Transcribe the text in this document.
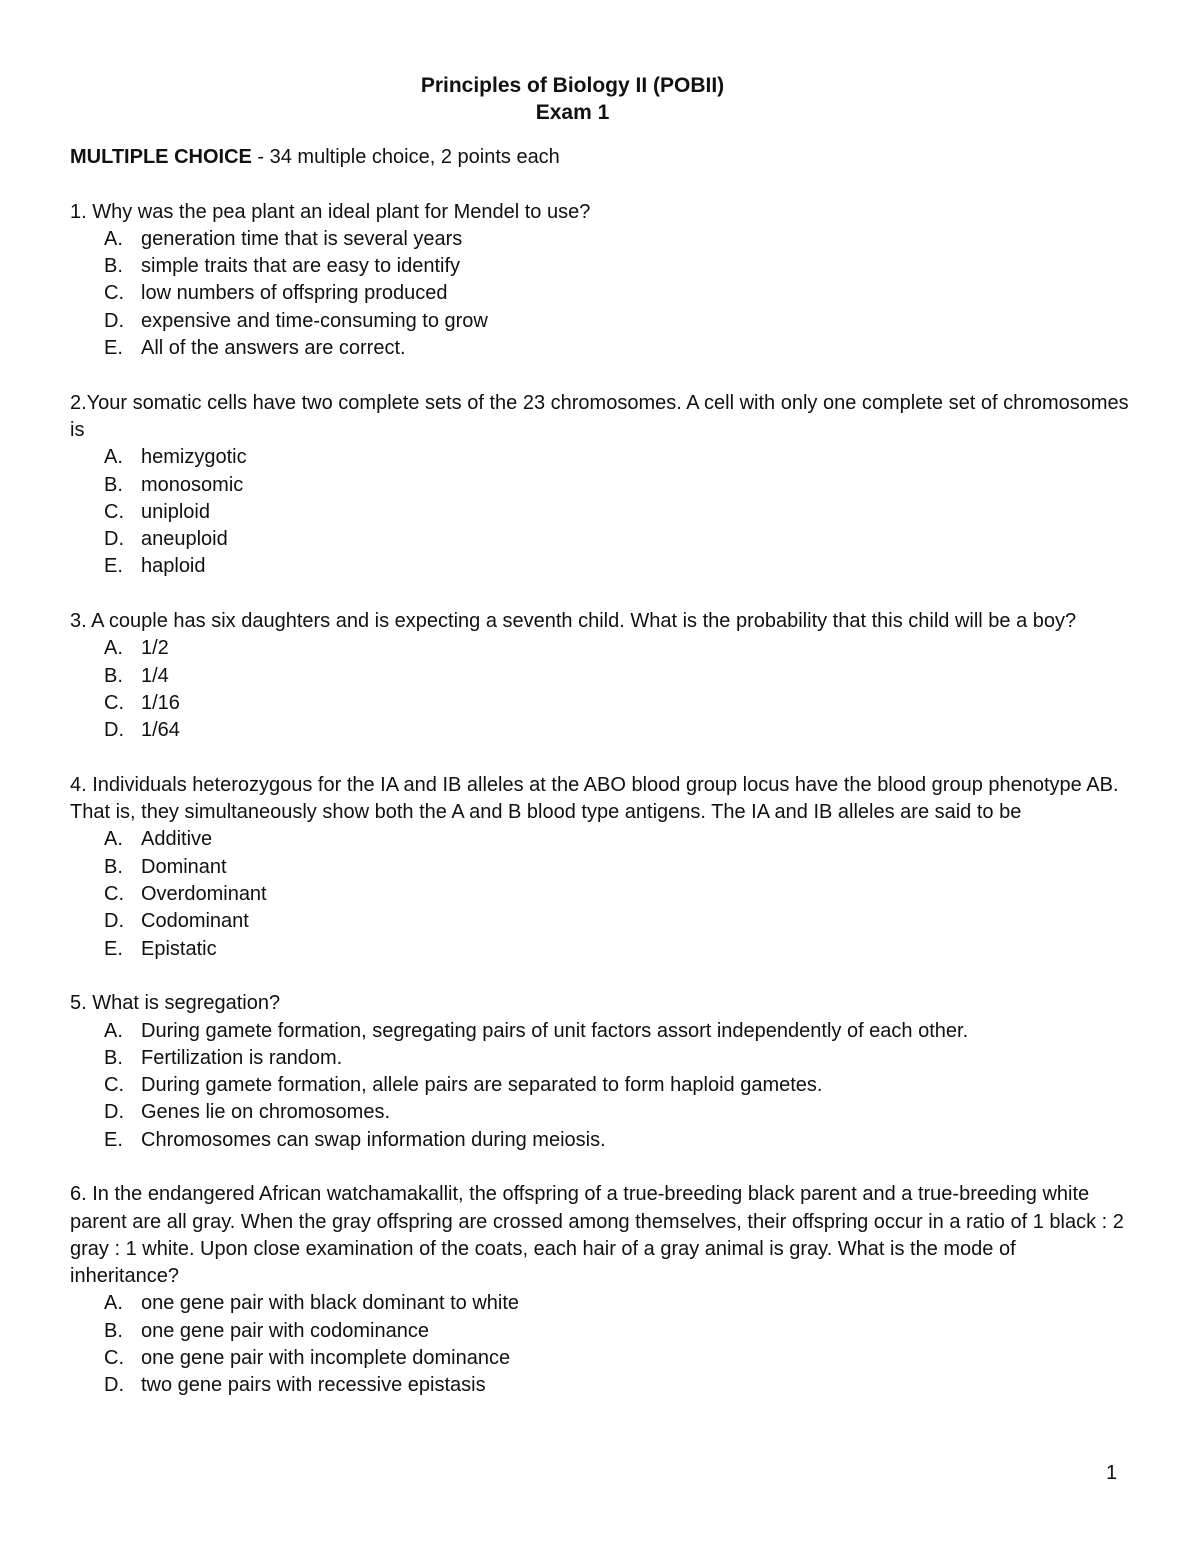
Principles of Biology II (POBII)
Exam 1

MULTIPLE CHOICE - 34 multiple choice, 2 points each

1. Why was the pea plant an ideal plant for Mendel to use?

A. generation time that is several years
B. simple traits that are easy to identify
C. low numbers of offspring produced
D. expensive and time-consuming to grow
E. All of the answers are correct.

2.Your somatic cells have two complete sets of the 23 chromosomes. A cell with only one complete set of chromosomes is

A. hemizygotic
B. monosomic
C. uniploid
D. aneuploid
E. haploid

3. A couple has six daughters and is expecting a seventh child. What is the probability that this child will be a boy?

A. 1/2
B. 1/4
C. 1/16
D. 1/64

4. Individuals heterozygous for the IA and IB alleles at the ABO blood group locus have the blood group phenotype AB. That is, they simultaneously show both the A and B blood type antigens. The IA and IB alleles are said to be

A. Additive
B. Dominant
C. Overdominant
D. Codominant
E. Epistatic

5. What is segregation?

A. During gamete formation, segregating pairs of unit factors assort independently of each other.
B. Fertilization is random.
C. During gamete formation, allele pairs are separated to form haploid gametes.
D. Genes lie on chromosomes.
E. Chromosomes can swap information during meiosis.

6. In the endangered African watchamakallit, the offspring of a true-breeding black parent and a true-breeding white parent are all gray. When the gray offspring are crossed among themselves, their offspring occur in a ratio of 1 black : 2 gray : 1 white. Upon close examination of the coats, each hair of a gray animal is gray. What is the mode of inheritance?

A. one gene pair with black dominant to white
B. one gene pair with codominance
C. one gene pair with incomplete dominance
D. two gene pairs with recessive epistasis
1
